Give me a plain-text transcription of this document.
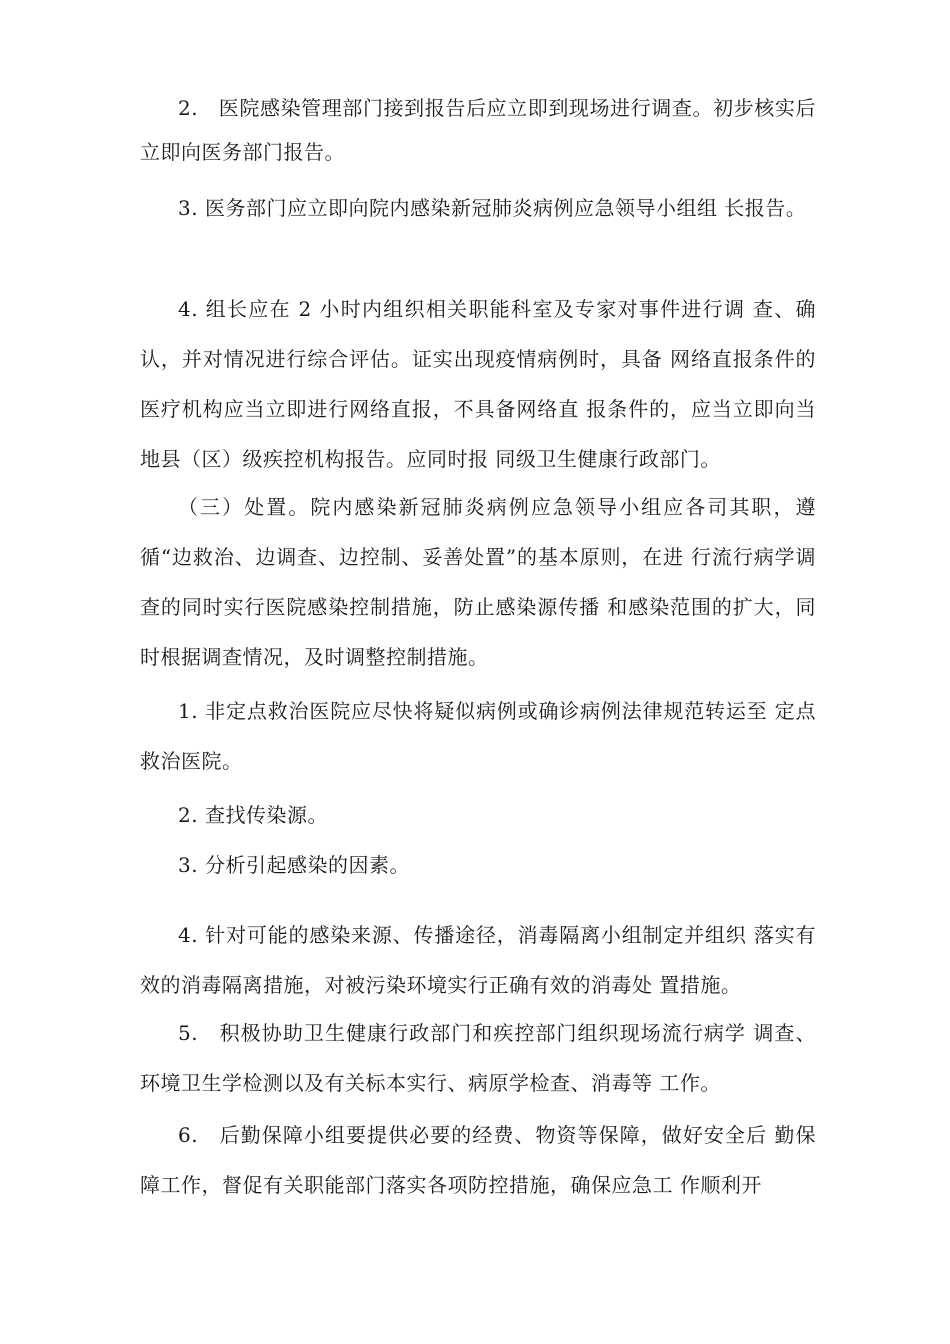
2.　医院感染管理部门接到报告后应立即到现场进行调查。初步核实后立即向医务部门报告。

3. 医务部门应立即向院内感染新冠肺炎病例应急领导小组组 长报告。

4. 组长应在 2 小时内组织相关职能科室及专家对事件进行调 查、确认，并对情况进行综合评估。证实出现疫情病例时，具备 网络直报条件的医疗机构应当立即进行网络直报，不具备网络直 报条件的，应当立即向当地县（区）级疾控机构报告。应同时报 同级卫生健康行政部门。

（三）处置。院内感染新冠肺炎病例应急领导小组应各司其职，遵循“边救治、边调查、边控制、妥善处置”的基本原则，在进 行流行病学调查的同时实行医院感染控制措施，防止感染源传播 和感染范围的扩大，同时根据调查情况，及时调整控制措施。

1. 非定点救治医院应尽快将疑似病例或确诊病例法律规范转运至 定点救治医院。

2. 查找传染源。

3. 分析引起感染的因素。

4. 针对可能的感染来源、传播途径，消毒隔离小组制定并组织 落实有效的消毒隔离措施，对被污染环境实行正确有效的消毒处 置措施。

5.　积极协助卫生健康行政部门和疾控部门组织现场流行病学 调查、环境卫生学检测以及有关标本实行、病原学检查、消毒等 工作。

6.　后勤保障小组要提供必要的经费、物资等保障，做好安全后 勤保障工作，督促有关职能部门落实各项防控措施，确保应急工 作顺利开
